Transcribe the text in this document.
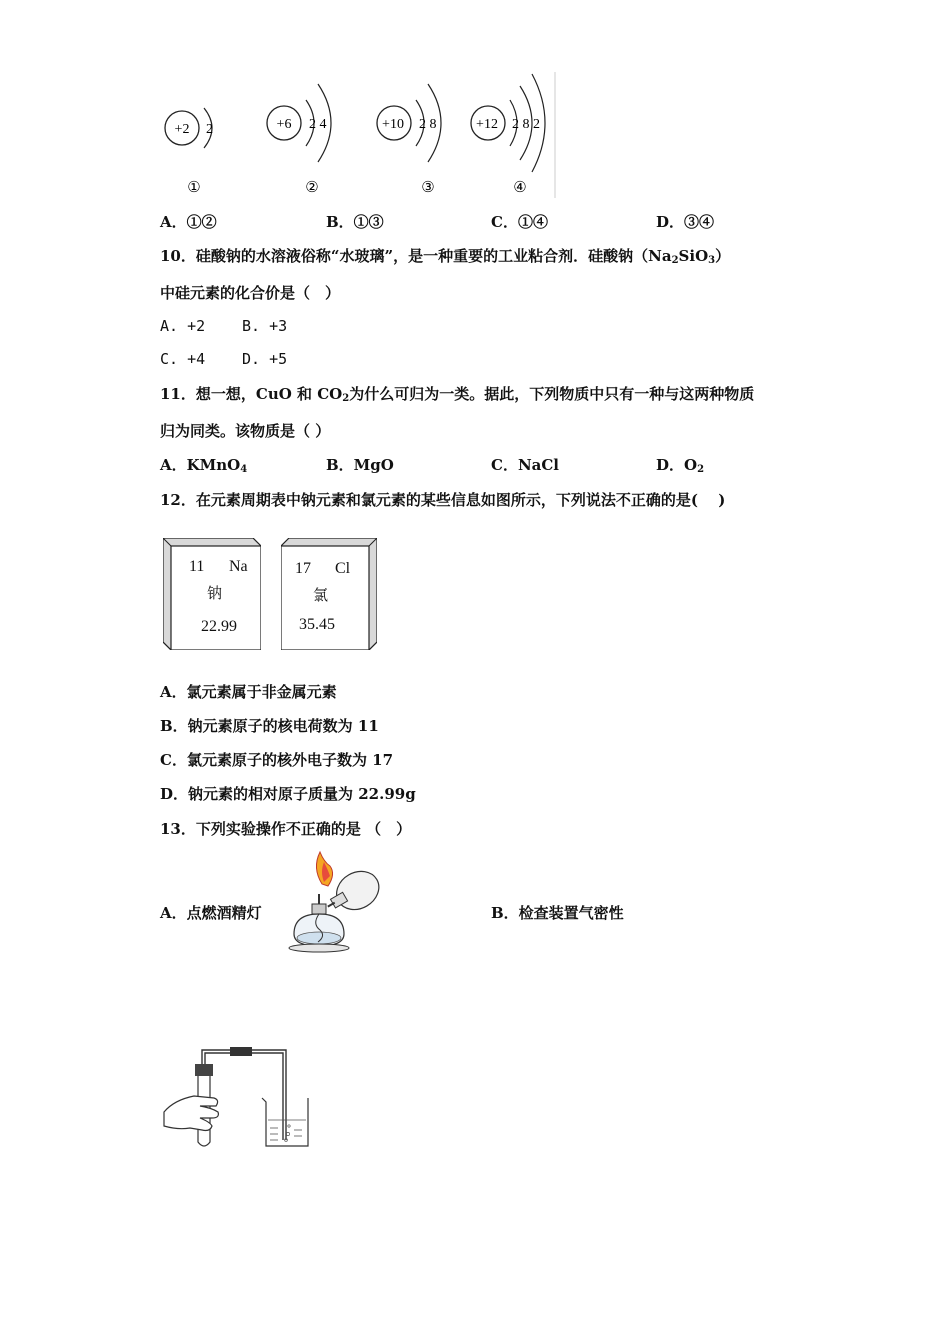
+2 2
①
+6 2 4
②
+10 2 8
③
+12 2 8 2
④
A．①②	B．①③	C．①④	D．③④
10．硅酸钠的水溶液俗称“水玻璃”，是一种重要的工业粘合剂．硅酸钠$(Na_2SiO_3)$
中硅元素的化合价是（　）
A. +2 B. +3
C. +4 D. +5
11．想一想，CuO 和 $CO_2$为什么可归为一类。据此，下列物质中只有一种与这两种物质
归为同类。该物质是（ ）
A．KMnO$_4$	B．MgO	C．NaCl	D．$O_2$
12．在元素周期表中钠元素和氯元素的某些信息如图所示，下列说法不正确的是(　 )
11 Na
钠
22.99
17 Cl
氯
35.45
A．氯元素属于非金属元素
B．钠元素原子的核电荷数为 11
C．氯元素原子的核外电子数为 17
D．钠元素的相对原子质量为 22.99g
13．下列实验操作不正确的是 （　）
A．点燃酒精灯	B．检查装置气密性
